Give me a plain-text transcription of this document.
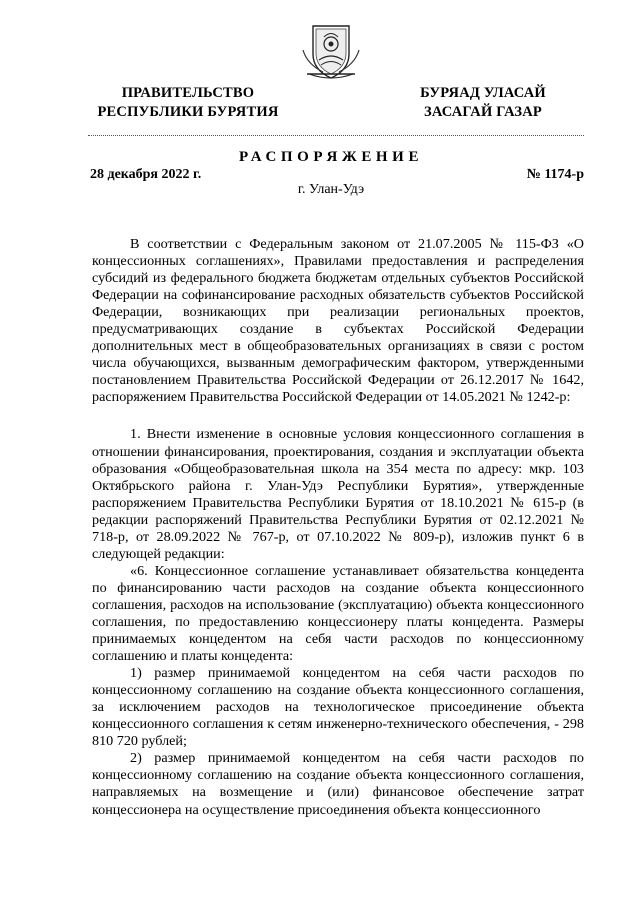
ПРАВИТЕЛЬСТВО
РЕСПУБЛИКИ БУРЯТИЯ
БУРЯАД УЛАСАЙ
ЗАСАГАЙ ГАЗАР
РАСПОРЯЖЕНИЕ
28 декабря 2022 г.	№ 1174-р
г. Улан-Удэ

В соответствии с Федеральным законом от 21.07.2005 № 115-ФЗ «О концессионных соглашениях», Правилами предоставления и распределения субсидий из федерального бюджета бюджетам отдельных субъектов Российской Федерации на софинансирование расходных обязательств субъектов Российской Федерации, возникающих при реализации региональных проектов, предусматривающих создание в субъектах Российской Федерации дополнительных мест в общеобразовательных организациях в связи с ростом числа обучающихся, вызванным демографическим фактором, утвержденными постановлением Правительства Российской Федерации от 26.12.2017 № 1642, распоряжением Правительства Российской Федерации от 14.05.2021 № 1242-р:

1. Внести изменение в основные условия концессионного соглашения в отношении финансирования, проектирования, создания и эксплуатации объекта образования «Общеобразовательная школа на 354 места по адресу: мкр. 103 Октябрьского района г. Улан-Удэ Республики Бурятия», утвержденные распоряжением Правительства Республики Бурятия от 18.10.2021 № 615-р (в редакции распоряжений Правительства Республики Бурятия от 02.12.2021 № 718-р, от 28.09.2022 № 767-р, от 07.10.2022 № 809-р), изложив пункт 6 в следующей редакции:

«6. Концессионное соглашение устанавливает обязательства концедента по финансированию части расходов на создание объекта концессионного соглашения, расходов на использование (эксплуатацию) объекта концессионного соглашения, по предоставлению концессионеру платы концедента. Размеры принимаемых концедентом на себя части расходов по концессионному соглашению и платы концедента:

1) размер принимаемой концедентом на себя части расходов по концессионному соглашению на создание объекта концессионного соглашения, за исключением расходов на технологическое присоединение объекта концессионного соглашения к сетям инженерно-технического обеспечения, - 298 810 720 рублей;

2) размер принимаемой концедентом на себя части расходов по концессионному соглашению на создание объекта концессионного соглашения, направляемых на возмещение и (или) финансовое обеспечение затрат концессионера на осуществление присоединения объекта концессионного
